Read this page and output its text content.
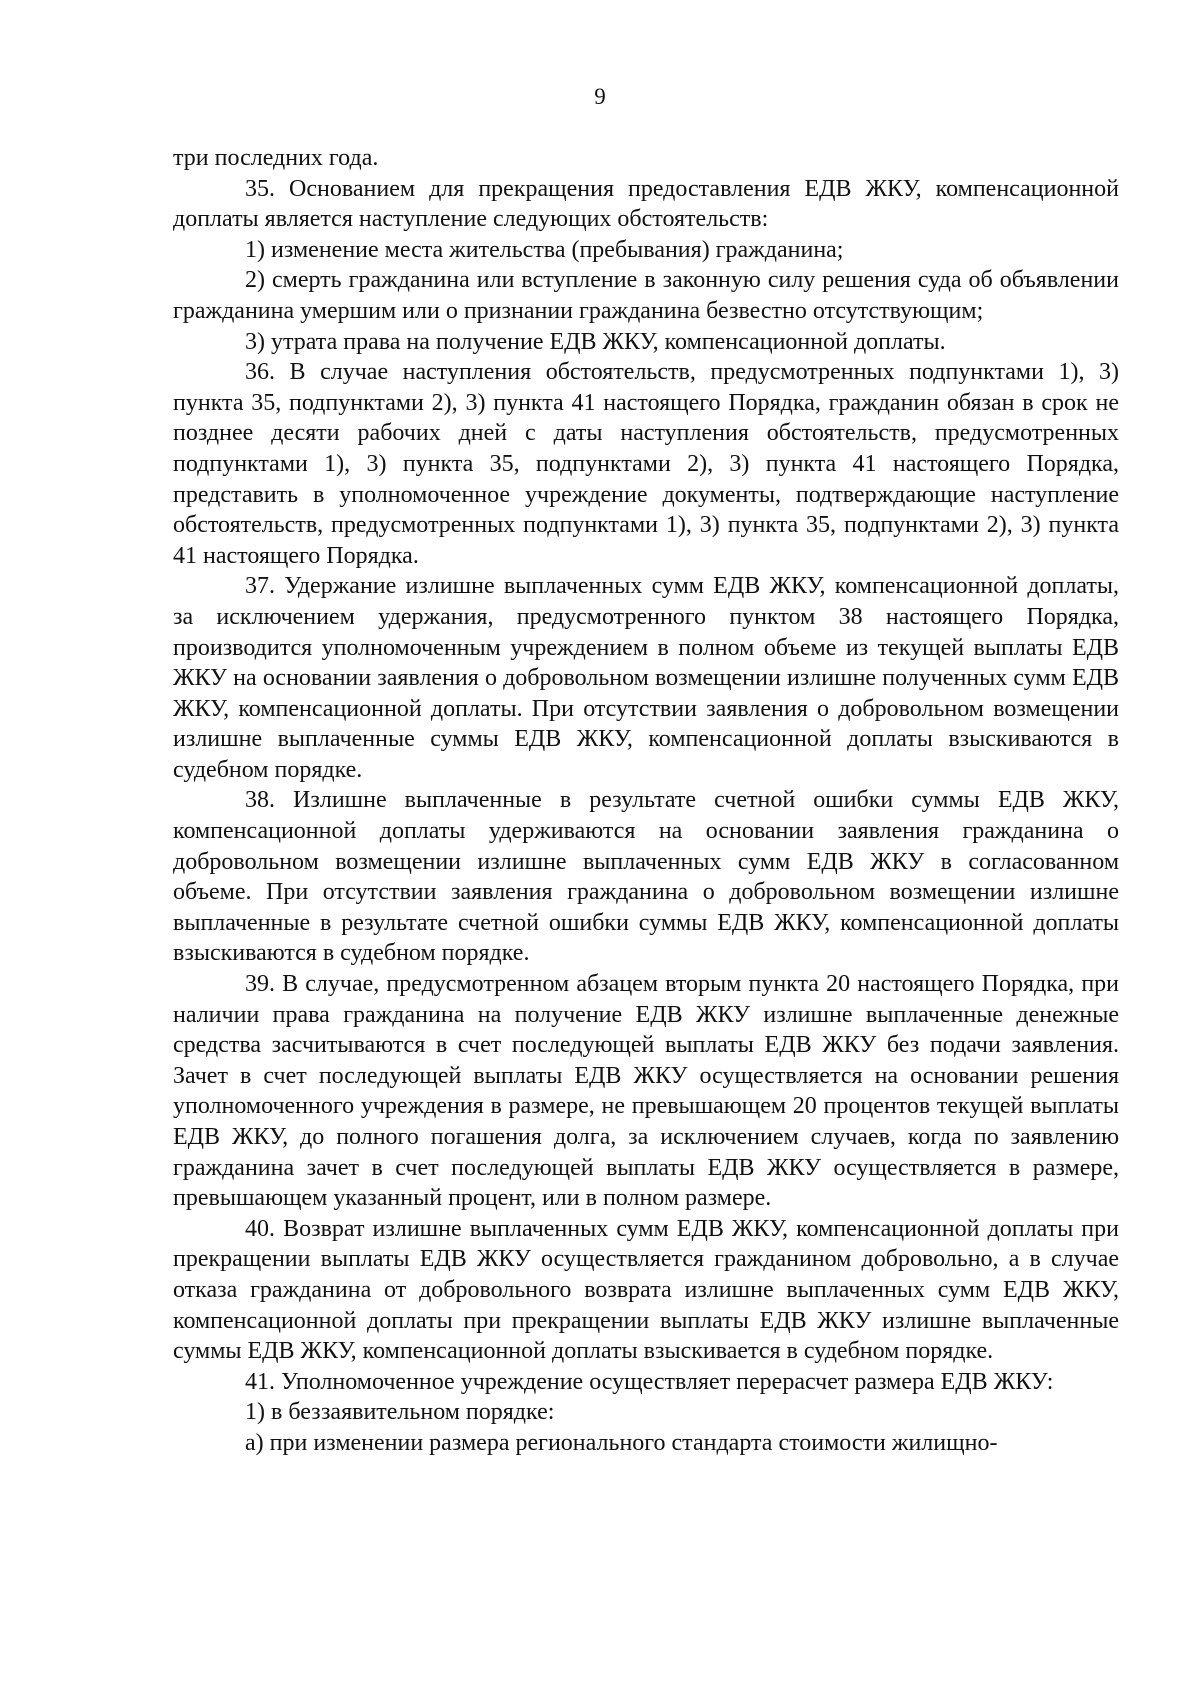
9

три последних года.

35. Основанием для прекращения предоставления ЕДВ ЖКУ, компенсационной доплаты является наступление следующих обстоятельств:

1) изменение места жительства (пребывания) гражданина;

2) смерть гражданина или вступление в законную силу решения суда об объявлении гражданина умершим или о признании гражданина безвестно отсутствующим;

3) утрата права на получение ЕДВ ЖКУ, компенсационной доплаты.

36. В случае наступления обстоятельств, предусмотренных подпунктами 1), 3) пункта 35, подпунктами 2), 3) пункта 41 настоящего Порядка, гражданин обязан в срок не позднее десяти рабочих дней с даты наступления обстоятельств, предусмотренных подпунктами 1), 3) пункта 35, подпунктами 2), 3) пункта 41 настоящего Порядка, представить в уполномоченное учреждение документы, подтверждающие наступление обстоятельств, предусмотренных подпунктами 1), 3) пункта 35, подпунктами 2), 3) пункта 41 настоящего Порядка.

37. Удержание излишне выплаченных сумм ЕДВ ЖКУ, компенсационной доплаты, за исключением удержания, предусмотренного пунктом 38 настоящего Порядка, производится уполномоченным учреждением в полном объеме из текущей выплаты ЕДВ ЖКУ на основании заявления о добровольном возмещении излишне полученных сумм ЕДВ ЖКУ, компенсационной доплаты. При отсутствии заявления о добровольном возмещении излишне выплаченные суммы ЕДВ ЖКУ, компенсационной доплаты взыскиваются в судебном порядке.

38. Излишне выплаченные в результате счетной ошибки суммы ЕДВ ЖКУ, компенсационной доплаты удерживаются на основании заявления гражданина о добровольном возмещении излишне выплаченных сумм ЕДВ ЖКУ в согласованном объеме. При отсутствии заявления гражданина о добровольном возмещении излишне выплаченные в результате счетной ошибки суммы ЕДВ ЖКУ, компенсационной доплаты взыскиваются в судебном порядке.

39. В случае, предусмотренном абзацем вторым пункта 20 настоящего Порядка, при наличии права гражданина на получение ЕДВ ЖКУ излишне выплаченные денежные средства засчитываются в счет последующей выплаты ЕДВ ЖКУ без подачи заявления. Зачет в счет последующей выплаты ЕДВ ЖКУ осуществляется на основании решения уполномоченного учреждения в размере, не превышающем 20 процентов текущей выплаты ЕДВ ЖКУ, до полного погашения долга, за исключением случаев, когда по заявлению гражданина зачет в счет последующей выплаты ЕДВ ЖКУ осуществляется в размере, превышающем указанный процент, или в полном размере.

40. Возврат излишне выплаченных сумм ЕДВ ЖКУ, компенсационной доплаты при прекращении выплаты ЕДВ ЖКУ осуществляется гражданином добровольно, а в случае отказа гражданина от добровольного возврата излишне выплаченных сумм ЕДВ ЖКУ, компенсационной доплаты при прекращении выплаты ЕДВ ЖКУ излишне выплаченные суммы ЕДВ ЖКУ, компенсационной доплаты взыскивается в судебном порядке.

41. Уполномоченное учреждение осуществляет перерасчет размера ЕДВ ЖКУ:

1) в беззаявительном порядке:

а) при изменении размера регионального стандарта стоимости жилищно-
